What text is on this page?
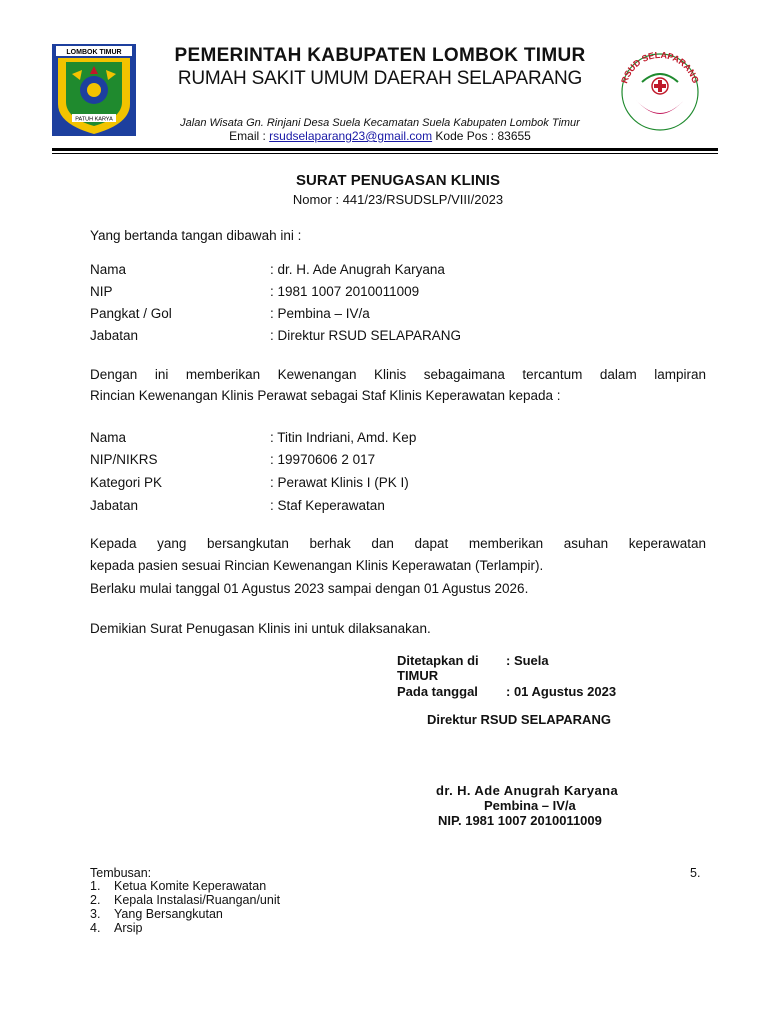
LOMBOK TIMUR
PATUH KARYA
RSUD SELAPARANG
PEMERINTAH KABUPATEN LOMBOK TIMUR
RUMAH SAKIT UMUM DAERAH SELAPARANG
Jalan Wisata Gn. Rinjani Desa Suela Kecamatan Suela Kabupaten Lombok Timur
Email : rsudselaparang23@gmail.com Kode Pos : 83655
SURAT PENUGASAN KLINIS
Nomor : 441/23/RSUDSLP/VIII/2023
Yang bertanda tangan dibawah ini :
Nama	: dr. H. Ade Anugrah Karyana
NIP	: 1981 1007 2010011009
Pangkat / Gol	: Pembina – IV/a
Jabatan	: Direktur RSUD SELAPARANG
Dengan ini memberikan Kewenangan Klinis sebagaimana tercantum dalam lampiran
Rincian Kewenangan Klinis Perawat sebagai Staf Klinis Keperawatan kepada :
Nama	: Titin Indriani, Amd. Kep
NIP/NIKRS	: 19970606 2 017
Kategori PK	: Perawat Klinis I (PK I)
Jabatan	: Staf Keperawatan
Kepada yang bersangkutan berhak dan dapat memberikan asuhan keperawatan
kepada pasien sesuai Rincian Kewenangan Klinis Keperawatan (Terlampir).
Berlaku mulai tanggal 01 Agustus 2023 sampai dengan 01 Agustus 2026.
Demikian Surat Penugasan Klinis ini untuk dilaksanakan.
Ditetapkan di : Suela
TIMUR
Pada tanggal : 01 Agustus 2023
Direktur RSUD SELAPARANG
dr. H. Ade Anugrah Karyana
Pembina – IV/a
NIP. 1981 1007 2010011009
Tembusan:	5.
1. Ketua Komite Keperawatan
2. Kepala Instalasi/Ruangan/unit
3. Yang Bersangkutan
4. Arsip
